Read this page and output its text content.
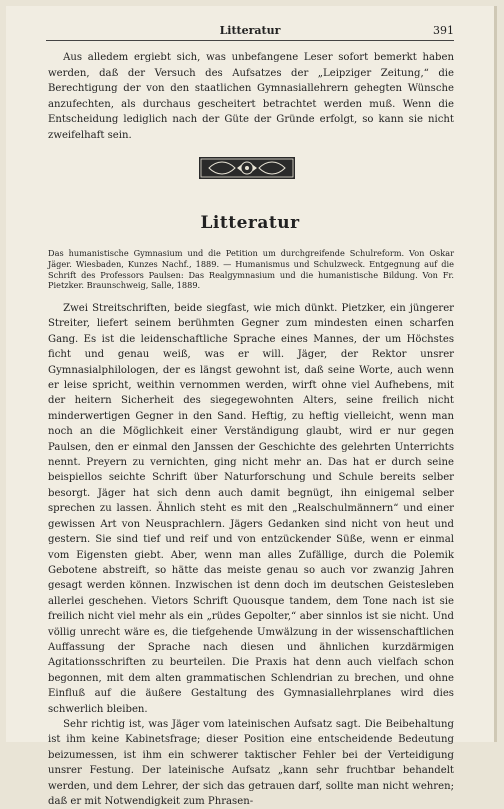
Litteratur	391

Aus alledem ergiebt sich, was unbefangene Leser sofort bemerkt haben werden, daß der Versuch des Aufsatzes der „Leipziger Zeitung,“ die Berechtigung der von den staatlichen Gymnasiallehrern gehegten Wünsche anzufechten, als durchaus gescheitert betrachtet werden muß. Wenn die Entscheidung lediglich nach der Güte der Gründe erfolgt, so kann sie nicht zweifelhaft sein.

Litteratur

Das humanistische Gymnasium und die Petition um durchgreifende Schulreform. Von Oskar Jäger. Wiesbaden, Kunzes Nachf., 1889. — Humanismus und Schulzweck. Entgegnung auf die Schrift des Professors Paulsen: Das Realgymnasium und die humanistische Bildung. Von Fr. Pietzker. Braunschweig, Salle, 1889.

Zwei Streitschriften, beide siegfast, wie mich dünkt. Pietzker, ein jüngerer Streiter, liefert seinem berühmten Gegner zum mindesten einen scharfen Gang. Es ist die leidenschaftliche Sprache eines Mannes, der um Höchstes ficht und genau weiß, was er will. Jäger, der Rektor unsrer Gymnasialphilologen, der es längst gewohnt ist, daß seine Worte, auch wenn er leise spricht, weithin vernommen werden, wirft ohne viel Aufhebens, mit der heitern Sicherheit des siegegewohnten Alters, seine freilich nicht minderwertigen Gegner in den Sand. Heftig, zu heftig vielleicht, wenn man noch an die Möglichkeit einer Verständigung glaubt, wird er nur gegen Paulsen, den er einmal den Janssen der Geschichte des gelehrten Unterrichts nennt. Preyern zu vernichten, ging nicht mehr an. Das hat er durch seine beispiellos seichte Schrift über Naturforschung und Schule bereits selber besorgt. Jäger hat sich denn auch damit begnügt, ihn einigemal selber sprechen zu lassen. Ähnlich steht es mit den „Realschulmännern“ und einer gewissen Art von Neusprachlern. Jägers Gedanken sind nicht von heut und gestern. Sie sind tief und reif und von entzückender Süße, wenn er einmal vom Eigensten giebt. Aber, wenn man alles Zufällige, durch die Polemik Gebotene abstreift, so hätte das meiste genau so auch vor zwanzig Jahren gesagt werden können. Inzwischen ist denn doch im deutschen Geistesleben allerlei geschehen. Vietors Schrift Quousque tandem, dem Tone nach ist sie freilich nicht viel mehr als ein „rüdes Gepolter,“ aber sinnlos ist sie nicht. Und völlig unrecht wäre es, die tiefgehende Umwälzung in der wissenschaftlichen Auffassung der Sprache nach diesen und ähnlichen kurzdärmigen Agitationsschriften zu beurteilen. Die Praxis hat denn auch vielfach schon begonnen, mit dem alten grammatischen Schlendrian zu brechen, und ohne Einfluß auf die äußere Gestaltung des Gymnasiallehrplanes wird dies schwerlich bleiben.

Sehr richtig ist, was Jäger vom lateinischen Aufsatz sagt. Die Beibehaltung ist ihm keine Kabinetsfrage; dieser Position eine entscheidende Bedeutung beizumessen, ist ihm ein schwerer taktischer Fehler bei der Verteidigung unsrer Festung. Der lateinische Aufsatz „kann sehr fruchtbar behandelt werden, und dem Lehrer, der sich das getrauen darf, sollte man nicht wehren; daß er mit Notwendigkeit zum Phrasen-
